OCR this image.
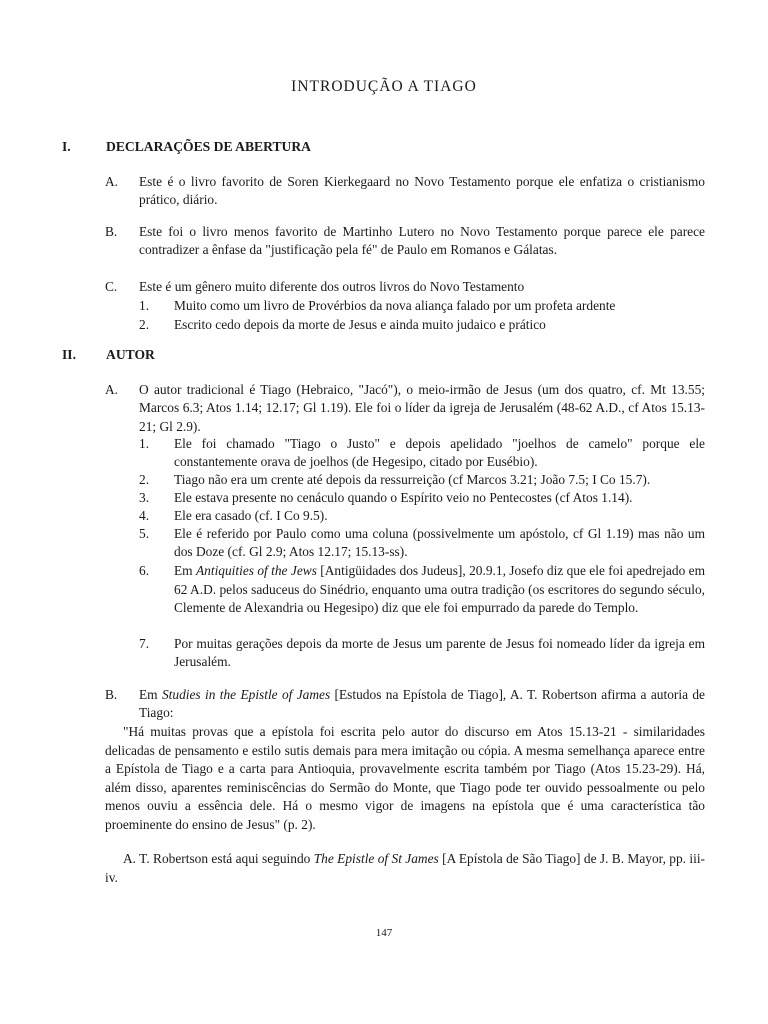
INTRODUÇÃO A TIAGO
I.	DECLARAÇÕES DE ABERTURA
A. Este é o livro favorito de Soren Kierkegaard no Novo Testamento porque ele enfatiza o cristianismo prático, diário.
B. Este foi o livro menos favorito de Martinho Lutero no Novo Testamento porque parece ele parece contradizer a ênfase da "justificação pela fé" de Paulo em Romanos e Gálatas.
C. Este é um gênero muito diferente dos outros livros do Novo Testamento
1. Muito como um livro de Provérbios da nova aliança falado por um profeta ardente
2. Escrito cedo depois da morte de Jesus e ainda muito judaico e prático
II. AUTOR
A. O autor tradicional é Tiago (Hebraico, "Jacó"), o meio-irmão de Jesus (um dos quatro, cf. Mt 13.55; Marcos 6.3; Atos 1.14; 12.17; Gl 1.19). Ele foi o líder da igreja de Jerusalém (48-62 A.D., cf Atos 15.13-21; Gl 2.9).
1. Ele foi chamado "Tiago o Justo" e depois apelidado "joelhos de camelo" porque ele constantemente orava de joelhos (de Hegesipo, citado por Eusébio).
2. Tiago não era um crente até depois da ressurreição (cf Marcos 3.21; João 7.5; I Co 15.7).
3. Ele estava presente no cenáculo quando o Espírito veio no Pentecostes (cf Atos 1.14).
4. Ele era casado (cf. I Co 9.5).
5. Ele é referido por Paulo como uma coluna (possivelmente um apóstolo, cf Gl 1.19) mas não um dos Doze (cf. Gl 2.9; Atos 12.17; 15.13-ss).
6. Em Antiquities of the Jews [Antigüidades dos Judeus], 20.9.1, Josefo diz que ele foi apedrejado em 62 A.D. pelos saduceus do Sinédrio, enquanto uma outra tradição (os escritores do segundo século, Clemente de Alexandria ou Hegesipo) diz que ele foi empurrado da parede do Templo.
7. Por muitas gerações depois da morte de Jesus um parente de Jesus foi nomeado líder da igreja em Jerusalém.
B. Em Studies in the Epistle of James [Estudos na Epístola de Tiago], A. T. Robertson afirma a autoria de Tiago:
"Há muitas provas que a epístola foi escrita pelo autor do discurso em Atos 15.13-21 - similaridades delicadas de pensamento e estilo sutis demais para mera imitação ou cópia. A mesma semelhança aparece entre a Epístola de Tiago e a carta para Antioquia, provavelmente escrita também por Tiago (Atos 15.23-29). Há, além disso, aparentes reminiscências do Sermão do Monte, que Tiago pode ter ouvido pessoalmente ou pelo menos ouviu a essência dele. Há o mesmo vigor de imagens na epístola que é uma característica tão proeminente do ensino de Jesus" (p. 2).
A. T. Robertson está aqui seguindo The Epistle of St James [A Epístola de São Tiago] de J. B. Mayor, pp. iii-iv.
147
